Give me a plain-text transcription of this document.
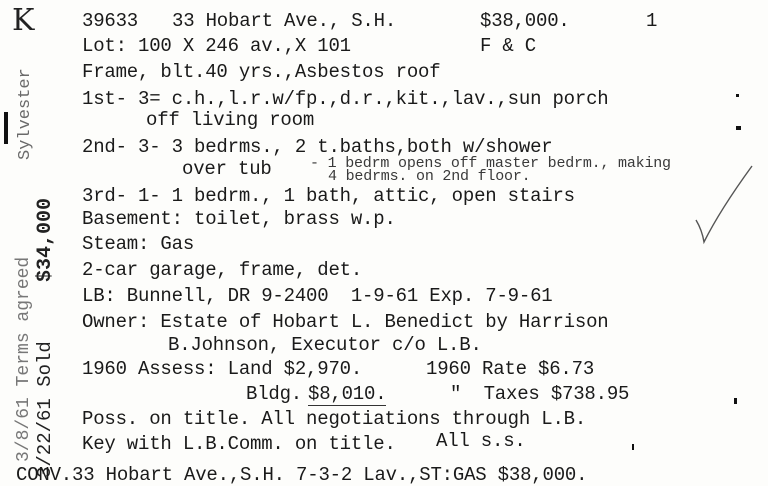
K
Sylvester
3/8/61 Terms agreed 3/22/61 Sold
$34,000
39633 33 Hobart Ave., S.H.	$38,000.	1
Lot: 100 X 246 av.,X 101	F & C
Frame, blt.40 yrs.,Asbestos roof
1st- 3= c.h.,l.r.w/fp.,d.r.,kit.,lav.,sun porch
off living room
2nd- 3- 3 bedrms., 2 t.baths,both w/shower
over tub	- 1 bedrm opens off master bedrm., making
4 bedrms. on 2nd floor.
3rd- 1- 1 bedrm., 1 bath, attic, open stairs
Basement: toilet, brass w.p.
Steam: Gas
2-car garage, frame, det.
LB: Bunnell, DR 9-2400  1-9-61 Exp. 7-9-61
Owner: Estate of Hobart L. Benedict by Harrison
B.Johnson, Executor c/o L.B.
1960 Assess: Land $2,970.	1960 Rate $6.73
Bldg. $8,010.	"  Taxes $738.95
Poss. on title. All negotiations through L.B.
Key with L.B.Comm. on title. All s.s.
CONV.33 Hobart Ave.,S.H. 7-3-2 Lav.,ST:GAS $38,000.
